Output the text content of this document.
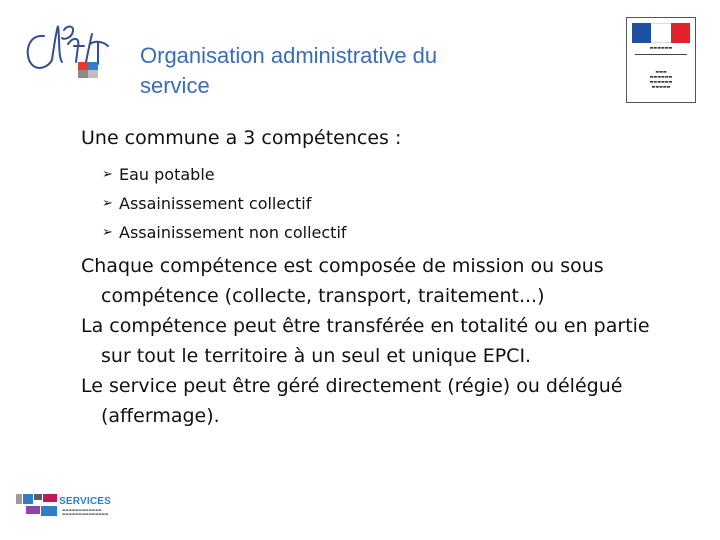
Organisation administrative du
service
▬▬▬▬▬▬
▬▬▬
▬▬▬▬▬▬
▬▬▬▬▬▬
▬▬▬▬▬

Une commune a 3 compétences :

➢ Eau potable
➢ Assainissement collectif
➢ Assainissement non collectif

Chaque compétence est composée de mission ou sous compétence (collecte, transport, traitement...)

La compétence peut être transférée en totalité ou en partie sur tout le territoire à un seul et unique EPCI.

Le service peut être géré directement (régie) ou délégué (affermage).

SERVICES
▬▬▬▬▬▬▬▬▬▬▬▬
▬▬▬▬▬▬▬▬▬▬▬▬▬▬
